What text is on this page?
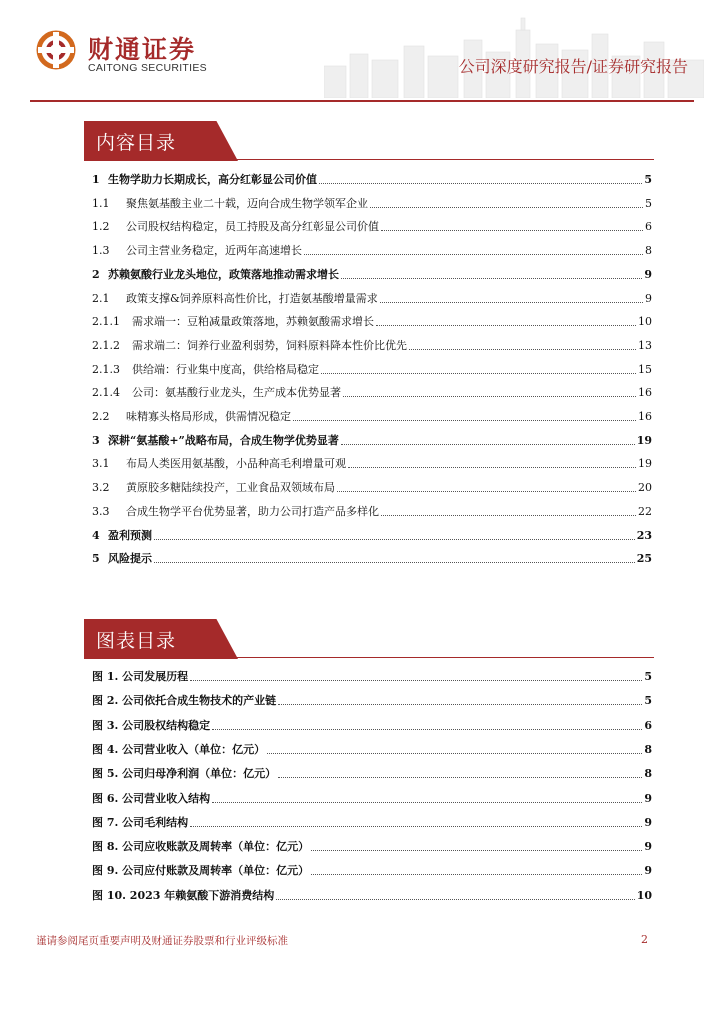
财通证券
CAITONG SECURITIES	公司深度研究报告/证券研究报告
内容目录
1 生物学助力长期成长，高分红彰显公司价值	5
1.1	聚焦氨基酸主业二十载，迈向合成生物学领军企业	5
1.2	公司股权结构稳定，员工持股及高分红彰显公司价值	6
1.3	公司主营业务稳定，近两年高速增长	8
2 苏赖氨酸行业龙头地位，政策落地推动需求增长	9
2.1	政策支撑&饲养原料高性价比，打造氨基酸增量需求	9
2.1.1	需求端一：豆粕减量政策落地，苏赖氨酸需求增长	10
2.1.2	需求端二：饲养行业盈利弱势，饲料原料降本性价比优先	13
2.1.3	供给端：行业集中度高，供给格局稳定	15
2.1.4	公司：氨基酸行业龙头，生产成本优势显著	16
2.2	味精寡头格局形成，供需情况稳定	16
3 深耕“氨基酸+”战略布局，合成生物学优势显著	19
3.1	布局人类医用氨基酸，小品种高毛利增量可观	19
3.2	黄原胶多糖陆续投产，工业食品双领域布局	20
3.3	合成生物学平台优势显著，助力公司打造产品多样化	22
4 盈利预测	23
5 风险提示	25
图表目录
图 1. 公司发展历程	5
图 2. 公司依托合成生物技术的产业链	5
图 3. 公司股权结构稳定	6
图 4. 公司营业收入（单位：亿元）	8
图 5. 公司归母净利润（单位：亿元）	8
图 6. 公司营业收入结构	9
图 7. 公司毛利结构	9
图 8. 公司应收账款及周转率（单位：亿元）	9
图 9. 公司应付账款及周转率（单位：亿元）	9
图 10. 2023 年赖氨酸下游消费结构	10
谨请参阅尾页重要声明及财通证券股票和行业评级标准	2
